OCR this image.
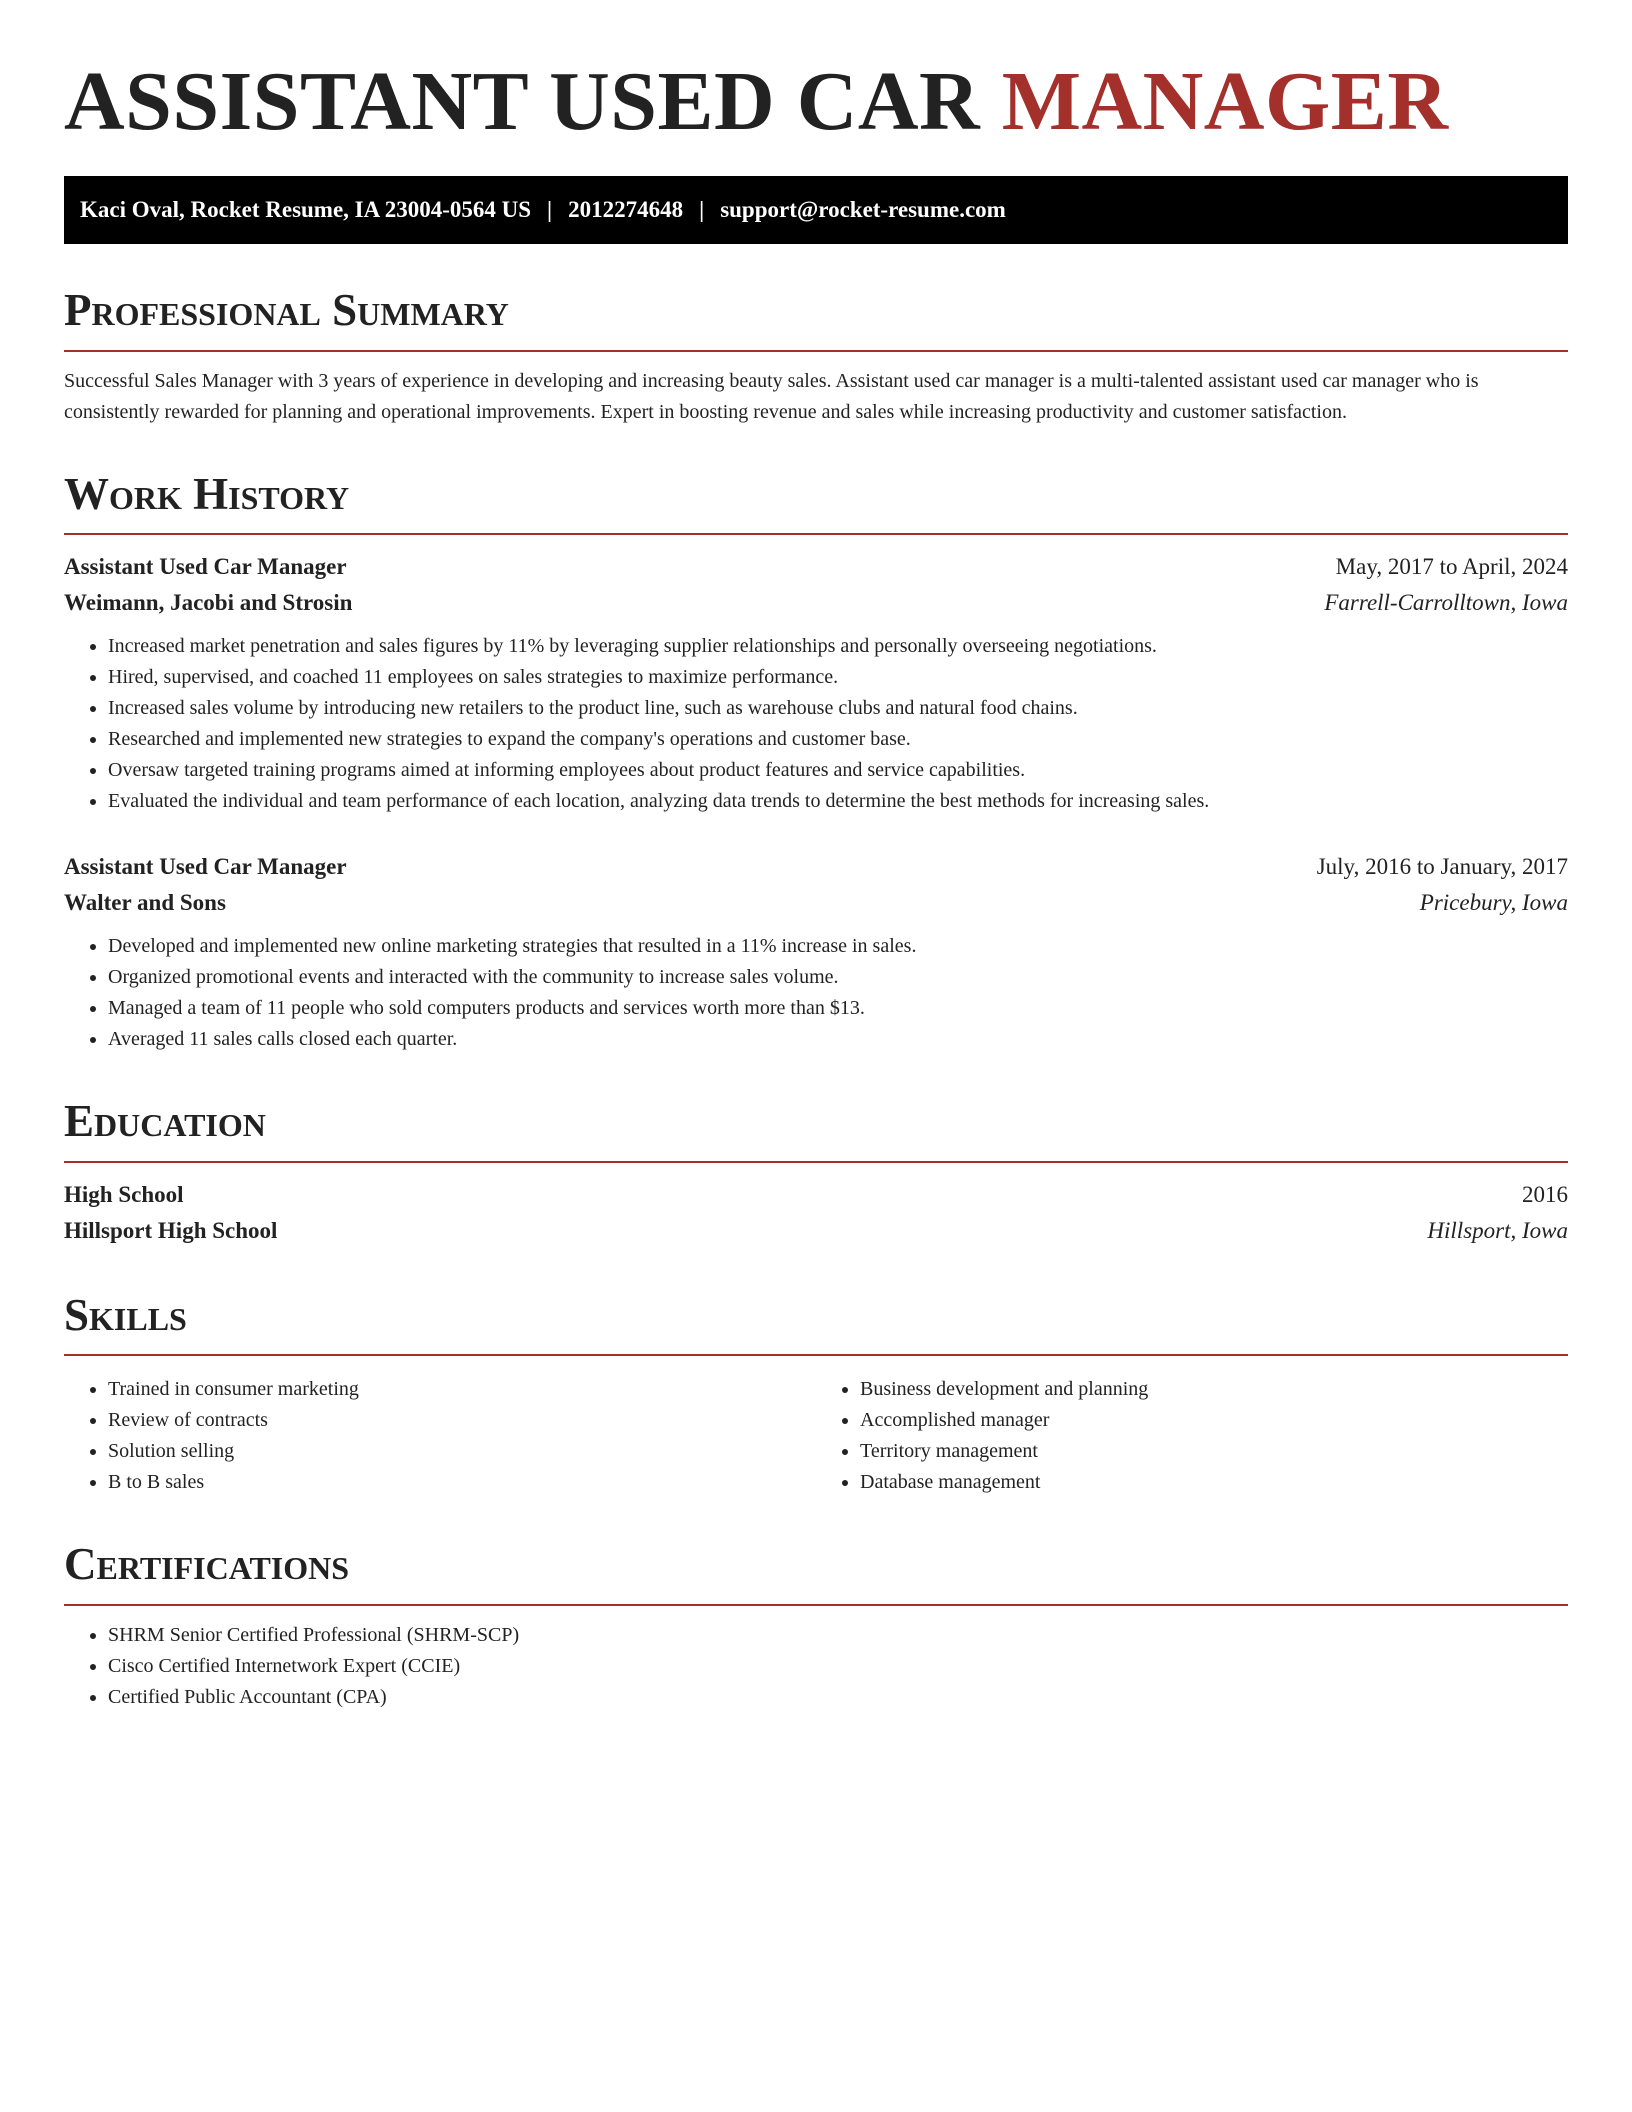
ASSISTANT USED CAR MANAGER
Kaci Oval, Rocket Resume, IA 23004-0564 US | 2012274648 | support@rocket-resume.com
Professional Summary

Successful Sales Manager with 3 years of experience in developing and increasing beauty sales. Assistant used car manager is a multi-talented assistant used car manager who is consistently rewarded for planning and operational improvements. Expert in boosting revenue and sales while increasing productivity and customer satisfaction.

Work History
Assistant Used Car Manager	May, 2017 to April, 2024
Weimann, Jacobi and Strosin	Farrell-Carrolltown, Iowa
• Increased market penetration and sales figures by 11% by leveraging supplier relationships and personally overseeing negotiations.
• Hired, supervised, and coached 11 employees on sales strategies to maximize performance.
• Increased sales volume by introducing new retailers to the product line, such as warehouse clubs and natural food chains.
• Researched and implemented new strategies to expand the company's operations and customer base.
• Oversaw targeted training programs aimed at informing employees about product features and service capabilities.
• Evaluated the individual and team performance of each location, analyzing data trends to determine the best methods for increasing sales.
Assistant Used Car Manager	July, 2016 to January, 2017
Walter and Sons	Pricebury, Iowa
• Developed and implemented new online marketing strategies that resulted in a 11% increase in sales.
• Organized promotional events and interacted with the community to increase sales volume.
• Managed a team of 11 people who sold computers products and services worth more than $13.
• Averaged 11 sales calls closed each quarter.
Education
High School	2016
Hillsport High School	Hillsport, Iowa
Skills
• Trained in consumer marketing
• Review of contracts
• Solution selling
• B to B sales
• Business development and planning
• Accomplished manager
• Territory management
• Database management
Certifications
• SHRM Senior Certified Professional (SHRM-SCP)
• Cisco Certified Internetwork Expert (CCIE)
• Certified Public Accountant (CPA)
